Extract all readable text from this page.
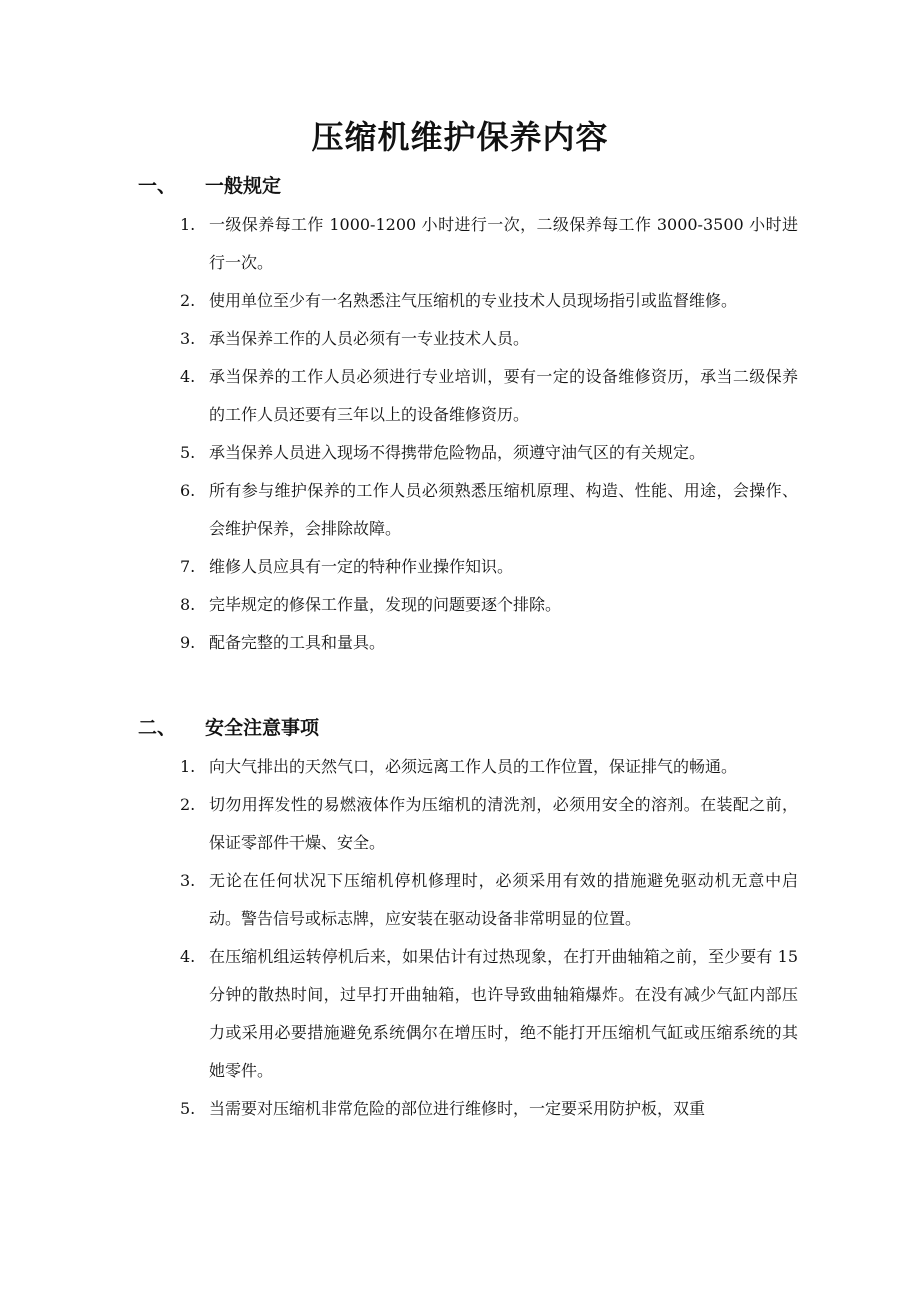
压缩机维护保养内容
一、 一般规定
1. 一级保养每工作 1000-1200 小时进行一次，二级保养每工作 3000-3500 小时进行一次。
2. 使用单位至少有一名熟悉注气压缩机的专业技术人员现场指引或监督维修。
3. 承当保养工作的人员必须有一专业技术人员。
4. 承当保养的工作人员必须进行专业培训，要有一定的设备维修资历，承当二级保养的工作人员还要有三年以上的设备维修资历。
5. 承当保养人员进入现场不得携带危险物品，须遵守油气区的有关规定。
6. 所有参与维护保养的工作人员必须熟悉压缩机原理、构造、性能、用途，会操作、会维护保养，会排除故障。
7. 维修人员应具有一定的特种作业操作知识。
8. 完毕规定的修保工作量，发现的问题要逐个排除。
9. 配备完整的工具和量具。
二、 安全注意事项
1. 向大气排出的天然气口，必须远离工作人员的工作位置，保证排气的畅通。
2. 切勿用挥发性的易燃液体作为压缩机的清洗剂，必须用安全的溶剂。在装配之前，保证零部件干燥、安全。
3. 无论在任何状况下压缩机停机修理时，必须采用有效的措施避免驱动机无意中启动。警告信号或标志牌，应安装在驱动设备非常明显的位置。
4. 在压缩机组运转停机后来，如果估计有过热现象，在打开曲轴箱之前，至少要有 15 分钟的散热时间，过早打开曲轴箱，也许导致曲轴箱爆炸。在没有减少气缸内部压力或采用必要措施避免系统偶尔在增压时，绝不能打开压缩机气缸或压缩系统的其她零件。
5. 当需要对压缩机非常危险的部位进行维修时，一定要采用防护板，双重
